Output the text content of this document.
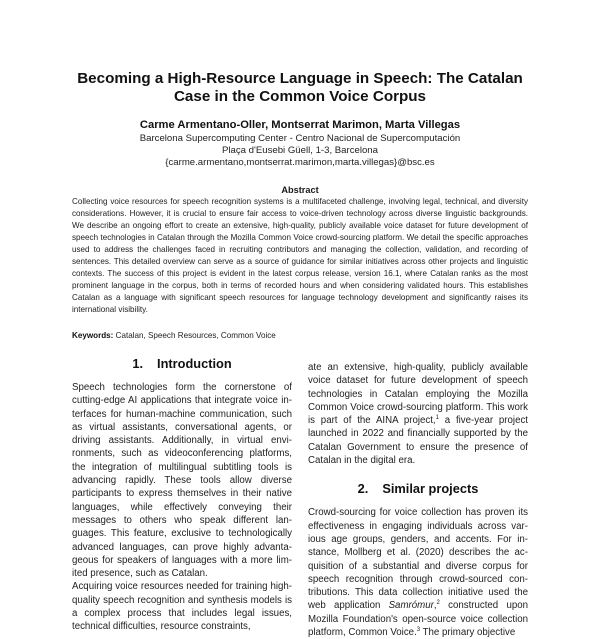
Becoming a High-Resource Language in Speech: The Catalan
Case in the Common Voice Corpus
Carme Armentano-Oller, Montserrat Marimon, Marta Villegas
Barcelona Supercomputing Center - Centro Nacional de Supercomputación
Plaça d'Eusebi Güell, 1-3, Barcelona
{carme.armentano,montserrat.marimon,marta.villegas}@bsc.es
Abstract
Collecting voice resources for speech recognition systems is a multifaceted challenge, involving legal, technical, and diversity considerations. However, it is crucial to ensure fair access to voice-driven technology across diverse linguistic backgrounds. We describe an ongoing effort to create an extensive, high-quality, publicly available voice dataset for future development of speech technologies in Catalan through the Mozilla Common Voice crowd-sourcing platform. We detail the specific approaches used to address the challenges faced in recruiting contributors and managing the collection, validation, and recording of sentences. This detailed overview can serve as a source of guidance for similar initiatives across other projects and linguistic contexts. The success of this project is evident in the latest corpus release, version 16.1, where Catalan ranks as the most prominent language in the corpus, both in terms of recorded hours and when considering validated hours. This establishes Catalan as a language with significant speech resources for language technology development and significantly raises its international visibility.
Keywords: Catalan, Speech Resources, Common Voice
1. Introduction

Speech technologies form the cornerstone of cutting-edge AI applications that integrate voice interfaces for human-machine communication, such as virtual assistants, conversational agents, or driving assistants. Additionally, in virtual environments, such as videoconferencing platforms, the integration of multilingual subtitling tools is advancing rapidly. These tools allow diverse participants to express themselves in their native languages, while effectively conveying their messages to others who speak different languages. This feature, exclusive to technologically advanced languages, can prove highly advantageous for speakers of languages with a more limited presence, such as Catalan.

Acquiring voice resources needed for training high-quality speech recognition and synthesis models is a complex process that includes legal issues, technical difficulties, resource constraints,

ate an extensive, high-quality, publicly available voice dataset for future development of speech technologies in Catalan employing the Mozilla Common Voice crowd-sourcing platform. This work is part of the AINA project,$^1$ a five-year project launched in 2022 and financially supported by the Catalan Government to ensure the presence of Catalan in the digital era.

2. Similar projects

Crowd-sourcing for voice collection has proven its effectiveness in engaging individuals across various age groups, genders, and accents. For instance, Mollberg et al. (2020) describes the acquisition of a substantial and diverse corpus for speech recognition through crowd-sourced contributions. This data collection initiative used the web application Samrómur,$^2$ constructed upon Mozilla Foundation's open-source voice collection platform, Common Voice.$^3$ The primary objective
